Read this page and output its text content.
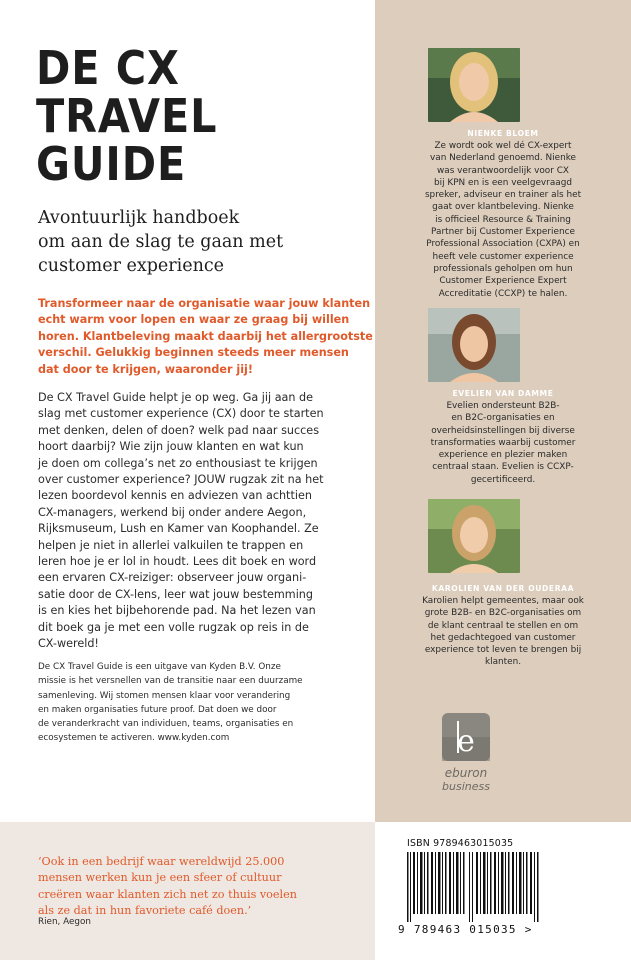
DE CX
TRAVEL
GUIDE

Avontuurlijk handboek
om aan de slag te gaan met
customer experience

Transformeer naar de organisatie waar jouw klanten
echt warm voor lopen en waar ze graag bij willen
horen. Klantbeleving maakt daarbij het allergrootste
verschil. Gelukkig beginnen steeds meer mensen
dat door te krijgen, waaronder jij!

De CX Travel Guide helpt je op weg. Ga jij aan de
slag met customer experience (CX) door te starten
met denken, delen of doen? welk pad naar succes
hoort daarbij? Wie zijn jouw klanten en wat kun
je doen om collega’s net zo enthousiast te krijgen
over customer experience? JOUW rugzak zit na het
lezen boordevol kennis en adviezen van achttien
CX-managers, werkend bij onder andere Aegon,
Rijksmuseum, Lush en Kamer van Koophandel. Ze
helpen je niet in allerlei valkuilen te trappen en
leren hoe je er lol in houdt. Lees dit boek en word
een ervaren CX-reiziger: observeer jouw organi-
satie door de CX-lens, leer wat jouw bestemming
is en kies het bijbehorende pad. Na het lezen van
dit boek ga je met een volle rugzak op reis in de
CX-wereld!

De CX Travel Guide is een uitgave van Kyden B.V. Onze
missie is het versnellen van de transitie naar een duurzame
samenleving. Wij stomen mensen klaar voor verandering
en maken organisaties future proof. Dat doen we door
de veranderkracht van individuen, teams, organisaties en
ecosystemen te activeren. www.kyden.com

‘Ook in een bedrijf waar wereldwijd 25.000
mensen werken kun je een sfeer of cultuur
creëren waar klanten zich net zo thuis voelen
als ze dat in hun favoriete café doen.’

Rien, Aegon
NIENKE BLOEM
Ze wordt ook wel dé CX-expert
van Nederland genoemd. Nienke
was verantwoordelijk voor CX
bij KPN en is een veelgevraagd
spreker, adviseur en trainer als het
gaat over klantbeleving. Nienke
is officieel Resource & Training
Partner bij Customer Experience
Professional Association (CXPA) en
heeft vele customer experience
professionals geholpen om hun
Customer Experience Expert
Accreditatie (CCXP) te halen.
EVELIEN VAN DAMME
Evelien ondersteunt B2B-
en B2C-organisaties en
overheidsinstellingen bij diverse
transformaties waarbij customer
experience en plezier maken
centraal staan. Evelien is CCXP-
gecertificeerd.
KAROLIEN VAN DER OUDERAA
Karolien helpt gemeentes, maar ook
grote B2B- en B2C-organisaties om
de klant centraal te stellen en om
het gedachtegoed van customer
experience tot leven te brengen bij
klanten.
e
eburon
business
ISBN 9789463015035
9 789463 015035 >
